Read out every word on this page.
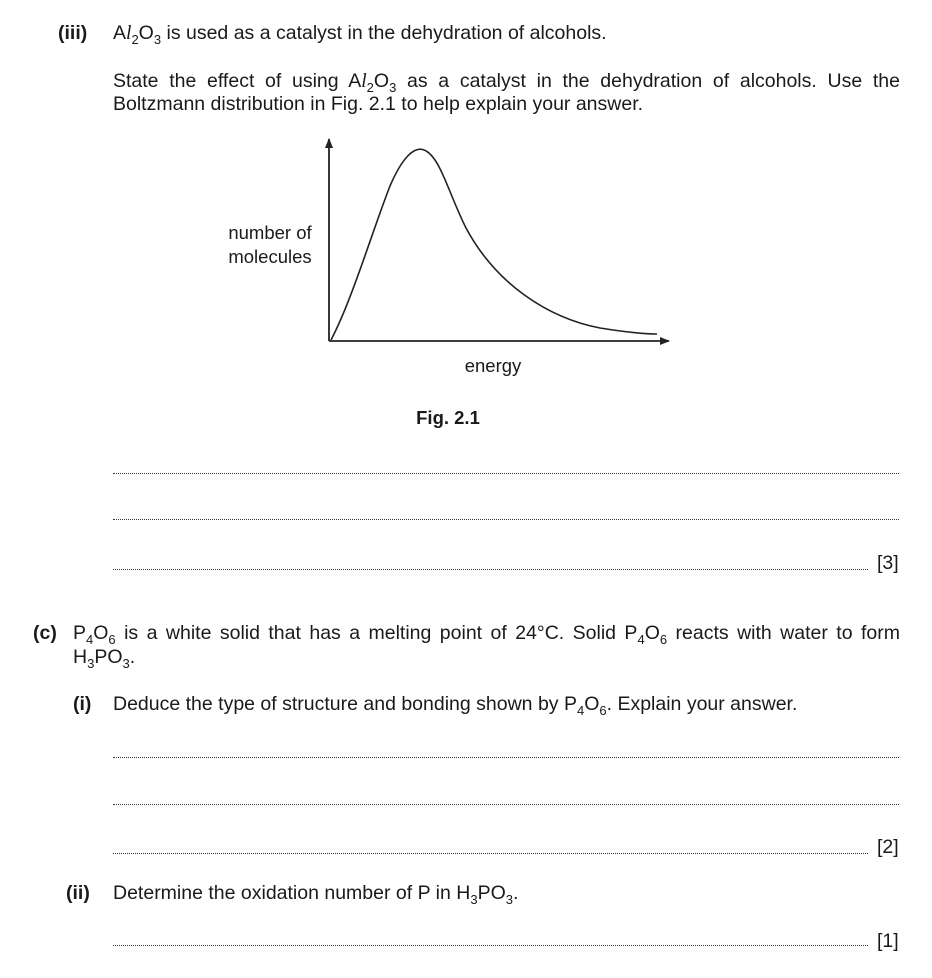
(iii) $Al_2O_3$ is used as a catalyst in the dehydration of alcohols.
State the effect of using $Al_2O_3$ as a catalyst in the dehydration of alcohols. Use the
Boltzmann distribution in Fig. 2.1 to help explain your answer.
number of
molecules
energy
Fig. 2.1
[3]
(c) $P_4O_6$ is a white solid that has a melting point of 24°C. Solid $P_4O_6$ reacts with water to form
$H_3PO_3$.
(i) Deduce the type of structure and bonding shown by $P_4O_6$. Explain your answer.
[2]
(ii) Determine the oxidation number of P in $H_3PO_3$.
[1]
